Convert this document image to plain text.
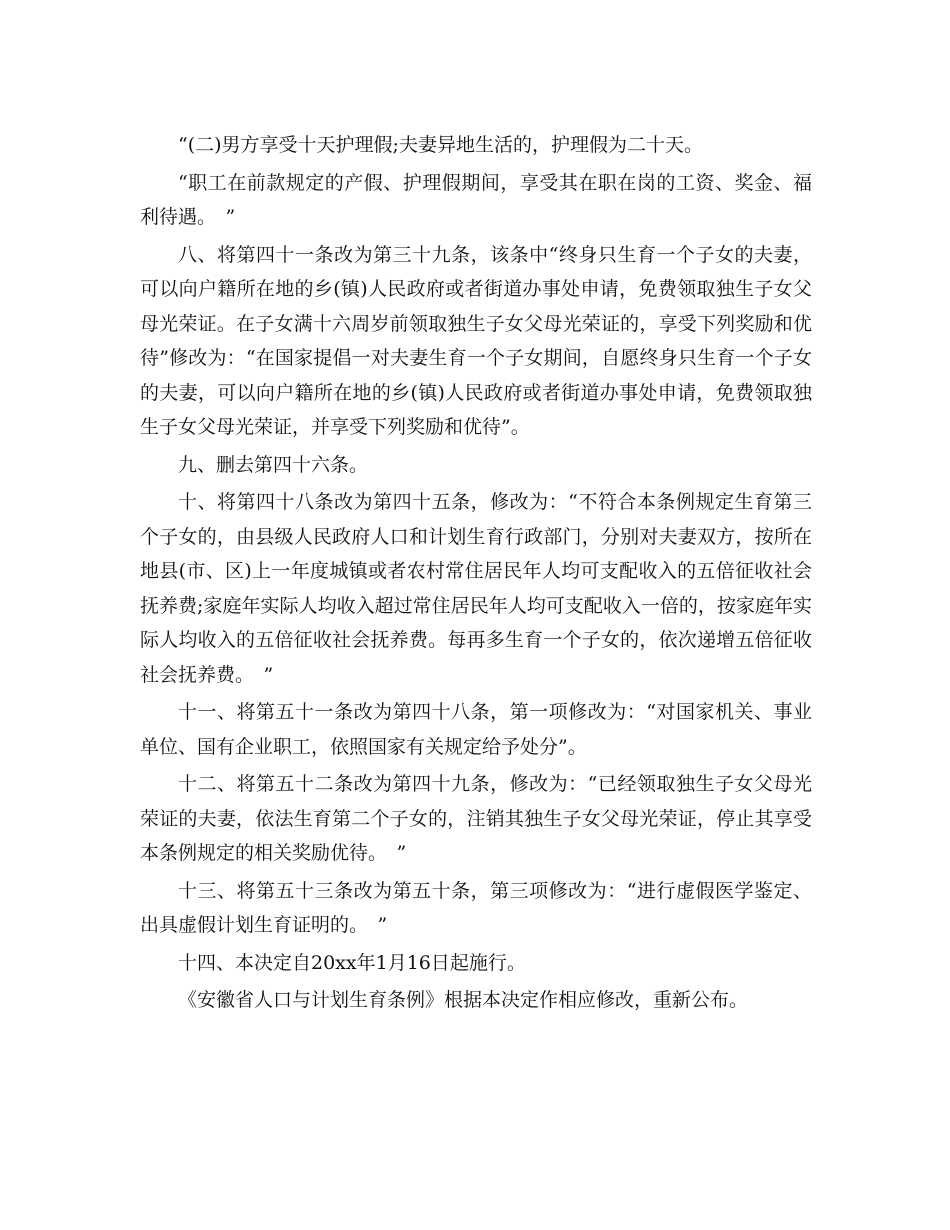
“(二)男方享受十天护理假;夫妻异地生活的，护理假为二十天。

“职工在前款规定的产假、护理假期间，享受其在职在岗的工资、奖金、福利待遇。　”

八、将第四十一条改为第三十九条，该条中“终身只生育一个子女的夫妻，可以向户籍所在地的乡(镇)人民政府或者街道办事处申请，免费领取独生子女父母光荣证。在子女满十六周岁前领取独生子女父母光荣证的，享受下列奖励和优待”修改为：“在国家提倡一对夫妻生育一个子女期间，自愿终身只生育一个子女的夫妻，可以向户籍所在地的乡(镇)人民政府或者街道办事处申请，免费领取独生子女父母光荣证，并享受下列奖励和优待”。

九、删去第四十六条。

十、将第四十八条改为第四十五条，修改为：“不符合本条例规定生育第三个子女的，由县级人民政府人口和计划生育行政部门，分别对夫妻双方，按所在地县(市、区)上一年度城镇或者农村常住居民年人均可支配收入的五倍征收社会抚养费;家庭年实际人均收入超过常住居民年人均可支配收入一倍的，按家庭年实际人均收入的五倍征收社会抚养费。每再多生育一个子女的，依次递增五倍征收社会抚养费。　”

十一、将第五十一条改为第四十八条，第一项修改为：“对国家机关、事业单位、国有企业职工，依照国家有关规定给予处分”。

十二、将第五十二条改为第四十九条，修改为：“已经领取独生子女父母光荣证的夫妻，依法生育第二个子女的，注销其独生子女父母光荣证，停止其享受本条例规定的相关奖励优待。　”

十三、将第五十三条改为第五十条，第三项修改为：“进行虚假医学鉴定、出具虚假计划生育证明的。　”

十四、本决定自20xx年1月16日起施行。

《安徽省人口与计划生育条例》根据本决定作相应修改，重新公布。
